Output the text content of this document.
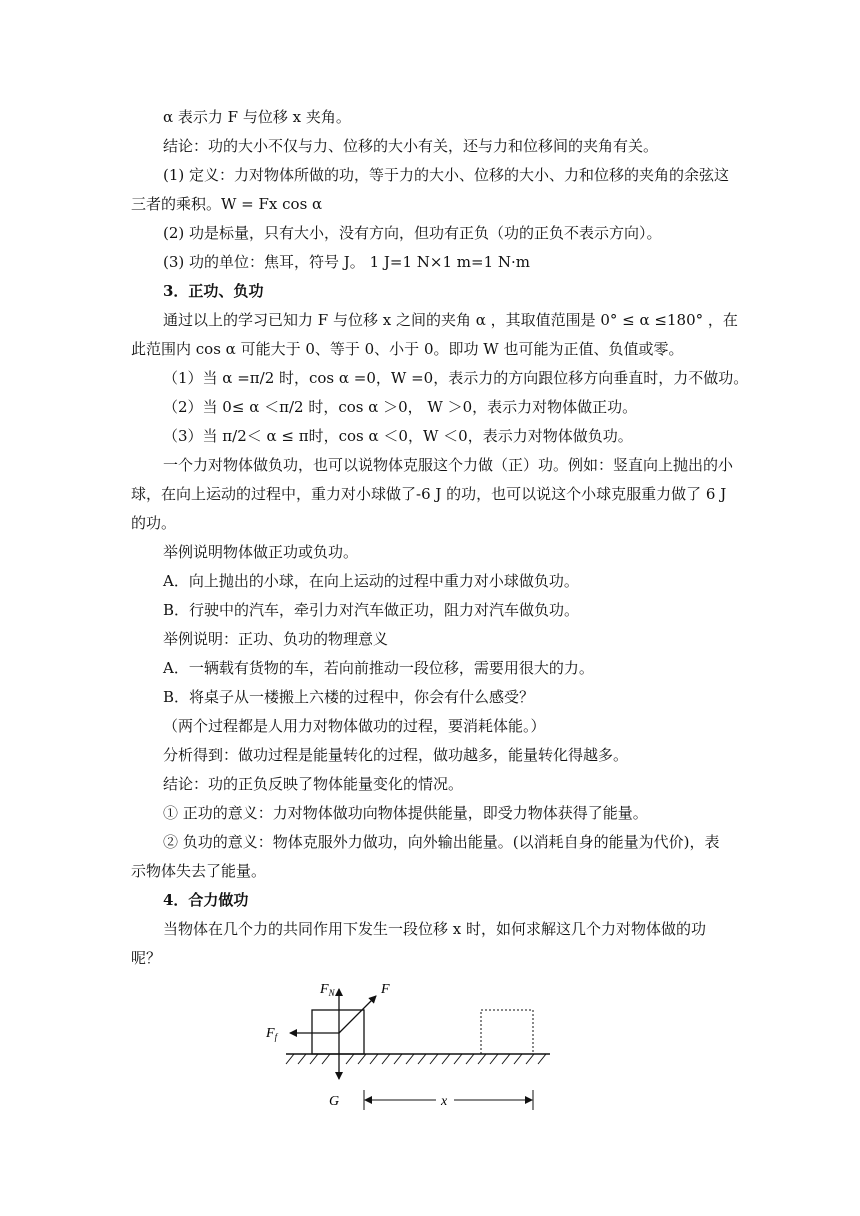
α 表示力 F 与位移 x 夹角。
结论：功的大小不仅与力、位移的大小有关，还与力和位移间的夹角有关。
(1) 定义：力对物体所做的功，等于力的大小、位移的大小、力和位移的夹角的余弦这
三者的乘积。W = Fx cos α
(2) 功是标量，只有大小，没有方向，但功有正负（功的正负不表示方向）。
(3) 功的单位：焦耳，符号 J。 1 J=1 N×1 m=1 N·m
3．正功、负功
通过以上的学习已知力 F 与位移 x 之间的夹角 α ，其取值范围是 0° ≤ α ≤180° ，在
此范围内 cos α 可能大于 0、等于 0、小于 0。即功 W 也可能为正值、负值或零。
（1）当 α =π/2 时，cos α =0，W =0，表示力的方向跟位移方向垂直时，力不做功。
（2）当 0≤ α ＜π/2 时，cos α ＞0， W ＞0，表示力对物体做正功。
（3）当 π/2＜ α ≤ π时，cos α ＜0，W ＜0，表示力对物体做负功。
一个力对物体做负功，也可以说物体克服这个力做（正）功。例如：竖直向上抛出的小
球，在向上运动的过程中，重力对小球做了-6 J 的功，也可以说这个小球克服重力做了 6 J
的功。
举例说明物体做正功或负功。
A．向上抛出的小球，在向上运动的过程中重力对小球做负功。
B．行驶中的汽车，牵引力对汽车做正功，阻力对汽车做负功。
举例说明：正功、负功的物理意义
A．一辆载有货物的车，若向前推动一段位移，需要用很大的力。
B．将桌子从一楼搬上六楼的过程中，你会有什么感受？
（两个过程都是人用力对物体做功的过程，要消耗体能。）
分析得到：做功过程是能量转化的过程，做功越多，能量转化得越多。
结论：功的正负反映了物体能量变化的情况。
① 正功的意义：力对物体做功向物体提供能量，即受力物体获得了能量。
② 负功的意义：物体克服外力做功，向外输出能量。(以消耗自身的能量为代价)，表
示物体失去了能量。
4．合力做功
当物体在几个力的共同作用下发生一段位移 x 时，如何求解这几个力对物体做的功
呢？
$F_N$	F
$F_f$
G	x
